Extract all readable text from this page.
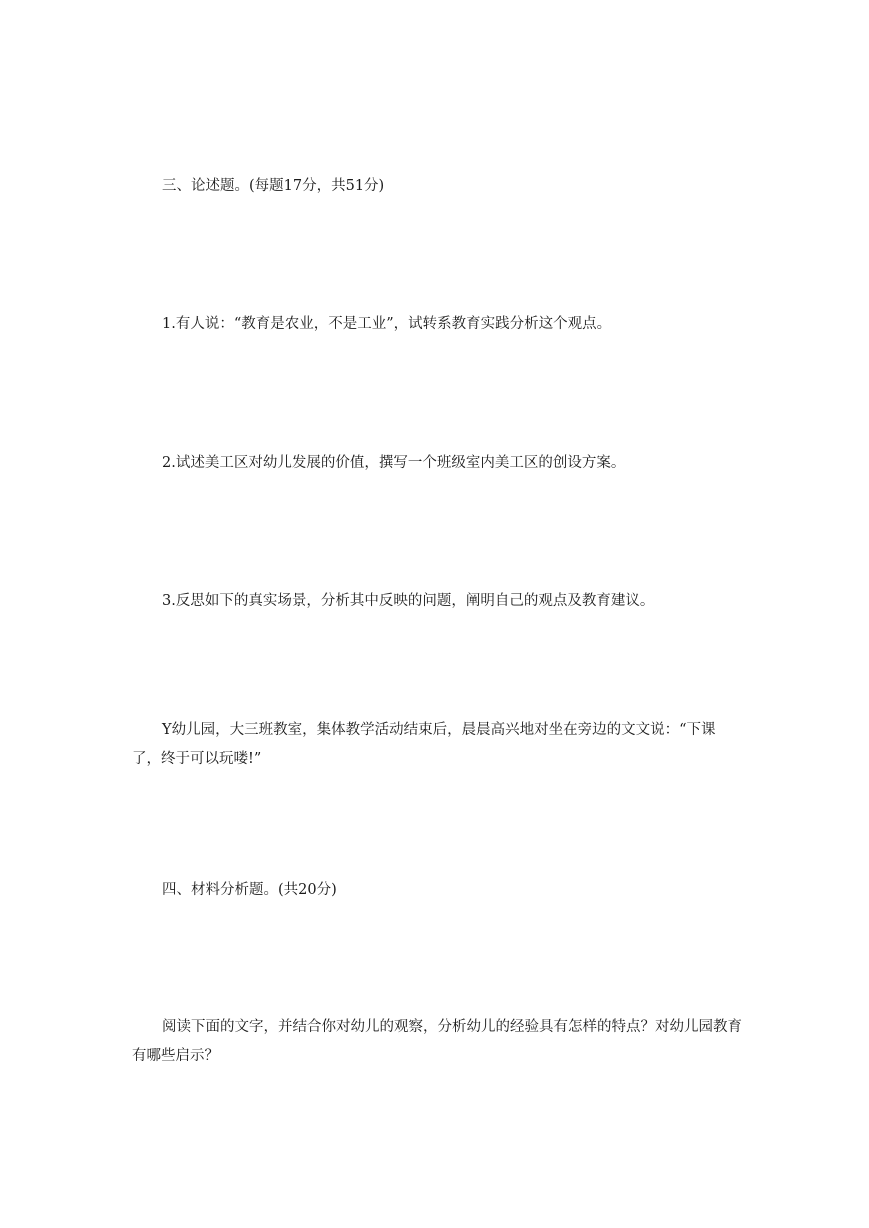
三、论述题。(每题17分，共51分)

1.有人说：“教育是农业，不是工业”，试转系教育实践分析这个观点。

2.试述美工区对幼儿发展的价值，撰写一个班级室内美工区的创设方案。

3.反思如下的真实场景，分析其中反映的问题，阐明自己的观点及教育建议。

Y幼儿园，大三班教室，集体教学活动结束后，晨晨高兴地对坐在旁边的文文说：“下课了，终于可以玩喽!”

四、材料分析题。(共20分)

阅读下面的文字，并结合你对幼儿的观察，分析幼儿的经验具有怎样的特点？对幼儿园教育有哪些启示？
